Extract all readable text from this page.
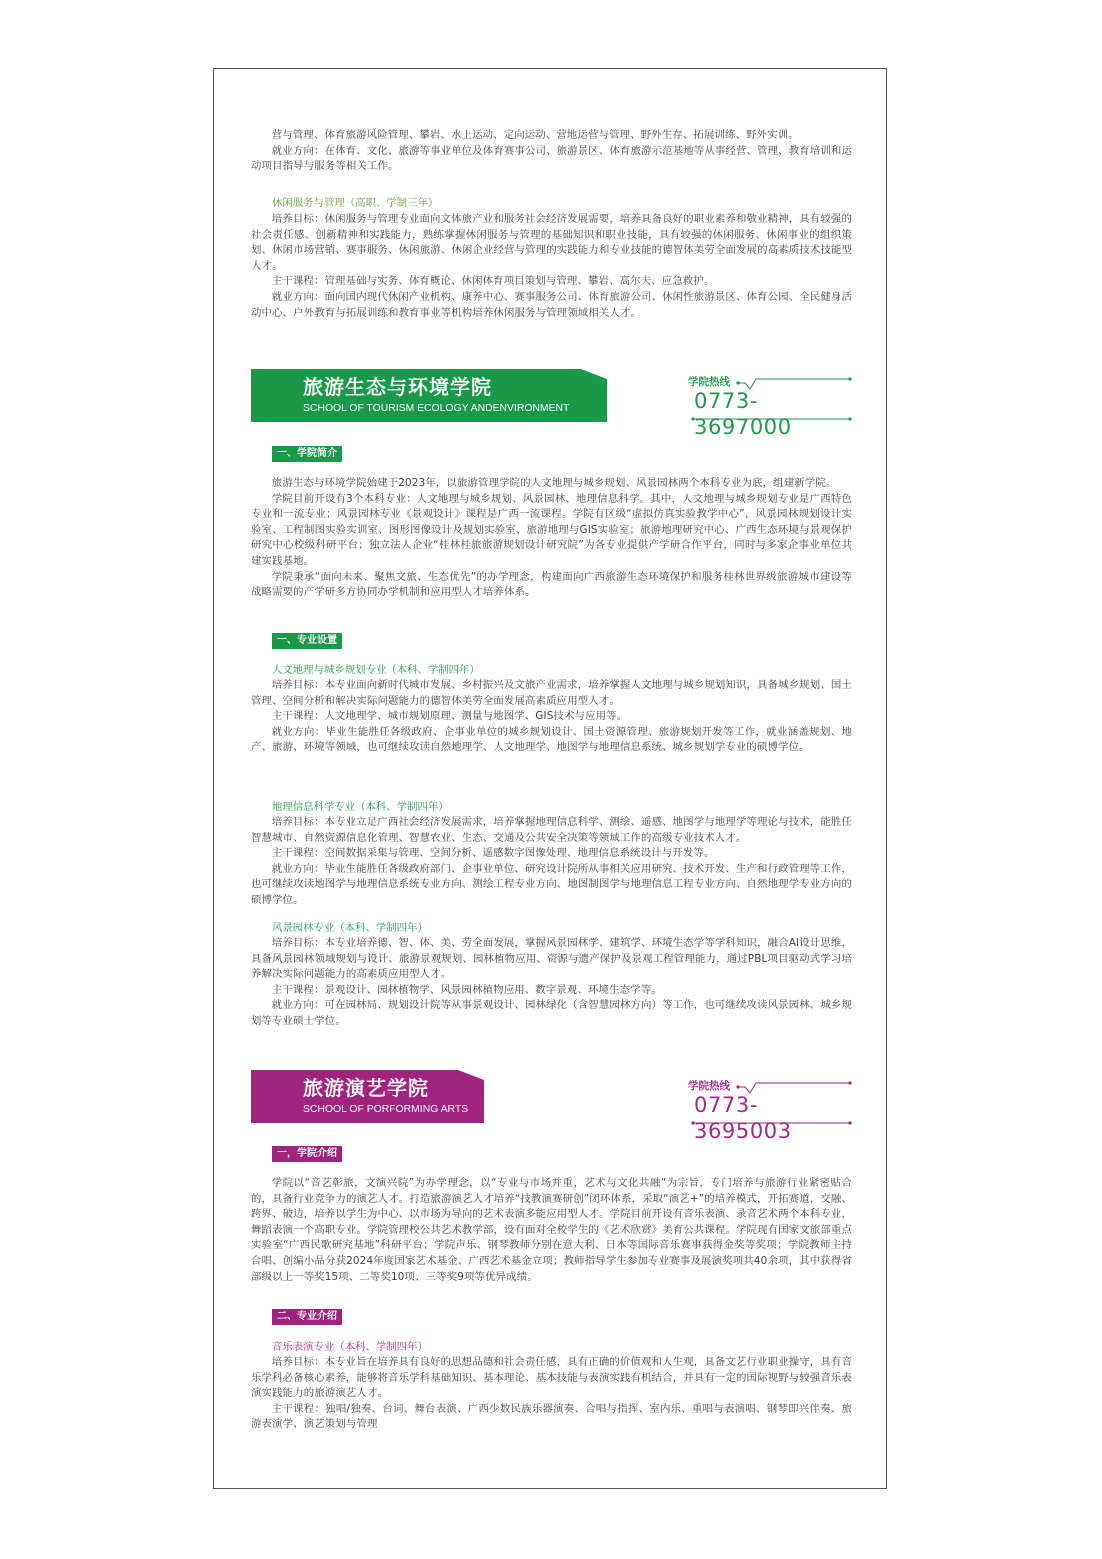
营与管理、体育旅游风险管理、攀岩、水上运动、定向运动、营地运营与管理、野外生存、拓展训练、野外实训。

就业方向：在体育、文化、旅游等事业单位及体育赛事公司、旅游景区、体育旅游示范基地等从事经营、管理、教育培训和运动项目指导与服务等相关工作。

休闲服务与管理（高职、学制三年）

培养目标：休闲服务与管理专业面向文体旅产业和服务社会经济发展需要，培养具备良好的职业素养和敬业精神，具有较强的社会责任感、创新精神和实践能力，熟练掌握休闲服务与管理的基础知识和职业技能，具有较强的休闲服务、休闲事业的组织策划、休闲市场营销、赛事服务、休闲旅游、休闲企业经营与管理的实践能力和专业技能的德智体美劳全面发展的高素质技术技能型人才。

主干课程：管理基础与实务、体育概论、休闲体育项目策划与管理、攀岩、高尔夫、应急救护。

就业方向：面向国内现代休闲产业机构、康养中心、赛事服务公司、体育旅游公司、休闲性旅游景区、体育公园、全民健身活动中心、户外教育与拓展训练和教育事业等机构培养休闲服务与管理领域相关人才。

旅游生态与环境学院
SCHOOL OF TOURISM ECOLOGY ANDENVIRONMENT
学院热线
0773-3697000
一、学院简介

旅游生态与环境学院始建于2023年，以旅游管理学院的人文地理与城乡规划、风景园林两个本科专业为底，组建新学院。

学院目前开设有3个本科专业：人文地理与城乡规划、风景园林、地理信息科学。其中，人文地理与城乡规划专业是广西特色专业和一流专业；风景园林专业《景观设计》课程是广西一流课程。学院有区级“虚拟仿真实验教学中心”，风景园林规划设计实验室、工程制图实验实训室、图形图像设计及规划实验室、旅游地理与GIS实验室；旅游地理研究中心、广西生态环境与景观保护研究中心校级科研平台；独立法人企业“桂林桂旅旅游规划设计研究院”为各专业提供产学研合作平台，同时与多家企事业单位共建实践基地。

学院秉承“面向未来、聚焦文旅、生态优先”的办学理念，构建面向广西旅游生态环境保护和服务桂林世界级旅游城市建设等战略需要的产学研多方协同办学机制和应用型人才培养体系。

一、专业设置
人文地理与城乡规划专业（本科、学制四年）

培养目标：本专业面向新时代城市发展、乡村振兴及文旅产业需求，培养掌握人文地理与城乡规划知识，具备城乡规划、国土管理、空间分析和解决实际问题能力的德智体美劳全面发展高素质应用型人才。

主干课程：人文地理学、城市规划原理、测量与地图学、GIS技术与应用等。

就业方向：毕业生能胜任各级政府、企事业单位的城乡规划设计、国土资源管理、旅游规划开发等工作，就业涵盖规划、地产、旅游、环境等领域，也可继续攻读自然地理学、人文地理学、地图学与地理信息系统、城乡规划学专业的硕博学位。

地理信息科学专业（本科、学制四年）

培养目标：本专业立足广西社会经济发展需求，培养掌握地理信息科学、测绘、遥感、地图学与地理学等理论与技术，能胜任智慧城市、自然资源信息化管理、智慧农业、生态、交通及公共安全决策等领域工作的高级专业技术人才。

主干课程：空间数据采集与管理、空间分析、遥感数字图像处理、地理信息系统设计与开发等。

就业方向：毕业生能胜任各级政府部门、企事业单位、研究设计院所从事相关应用研究、技术开发、生产和行政管理等工作，也可继续攻读地图学与地理信息系统专业方向、测绘工程专业方向、地图制图学与地理信息工程专业方向、自然地理学专业方向的硕博学位。

风景园林专业（本科、学制四年）

培养目标：本专业培养德、智、体、美、劳全面发展，掌握风景园林学、建筑学、环境生态学等学科知识，融合AI设计思维，具备风景园林领域规划与设计、旅游景观规划、园林植物应用、资源与遗产保护及景观工程管理能力，通过PBL项目驱动式学习培养解决实际问题能力的高素质应用型人才。

主干课程：景观设计、园林植物学、风景园林植物应用、数字景观、环境生态学等。

就业方向：可在园林局、规划设计院等从事景观设计、园林绿化（含智慧园林方向）等工作，也可继续攻读风景园林、城乡规划等专业硕士学位。

旅游演艺学院
SCHOOL OF PORFORMING ARTS
学院热线
0773-3695003
一，学院介绍

学院以“音艺彰旅，文演兴院”为办学理念，以“专业与市场并重，艺术与文化共融”为宗旨，专门培养与旅游行业紧密贴合的，具备行业竞争力的演艺人才。打造旅游演艺人才培养“技教演赛研创”闭环体系，采取“演艺+”的培养模式，开拓赛道，交融、跨界、破边，培养以学生为中心、以市场为导向的艺术表演多能应用型人才。学院目前开设有音乐表演、录音艺术两个本科专业，舞蹈表演一个高职专业。学院管理校公共艺术教学部，设有面对全校学生的《艺术欣赏》美育公共课程。学院现有国家文旅部重点实验室“广西民歌研究基地”科研平台；学院声乐、钢琴教师分别在意大利、日本等国际音乐赛事获得金奖等奖项；学院教师主持合唱、创编小品分获2024年度国家艺术基金、广西艺术基金立项；教师指导学生参加专业赛事及展演奖项共40余项，其中获得省部级以上一等奖15项、二等奖10项、三等奖9项等优异成绩。

二、专业介绍
音乐表演专业（本科、学制四年）

培养目标：本专业旨在培养具有良好的思想品德和社会责任感，具有正确的价值观和人生观，具备文艺行业职业操守，具有音乐学科必备核心素养，能够将音乐学科基础知识、基本理论、基本技能与表演实践有机结合，并具有一定的国际视野与较强音乐表演实践能力的旅游演艺人才。

主干课程：独唱/独奏、台词、舞台表演、广西少数民族乐器演奏、合唱与指挥、室内乐、重唱与表演唱、钢琴即兴伴奏、旅游表演学、演艺策划与管理
